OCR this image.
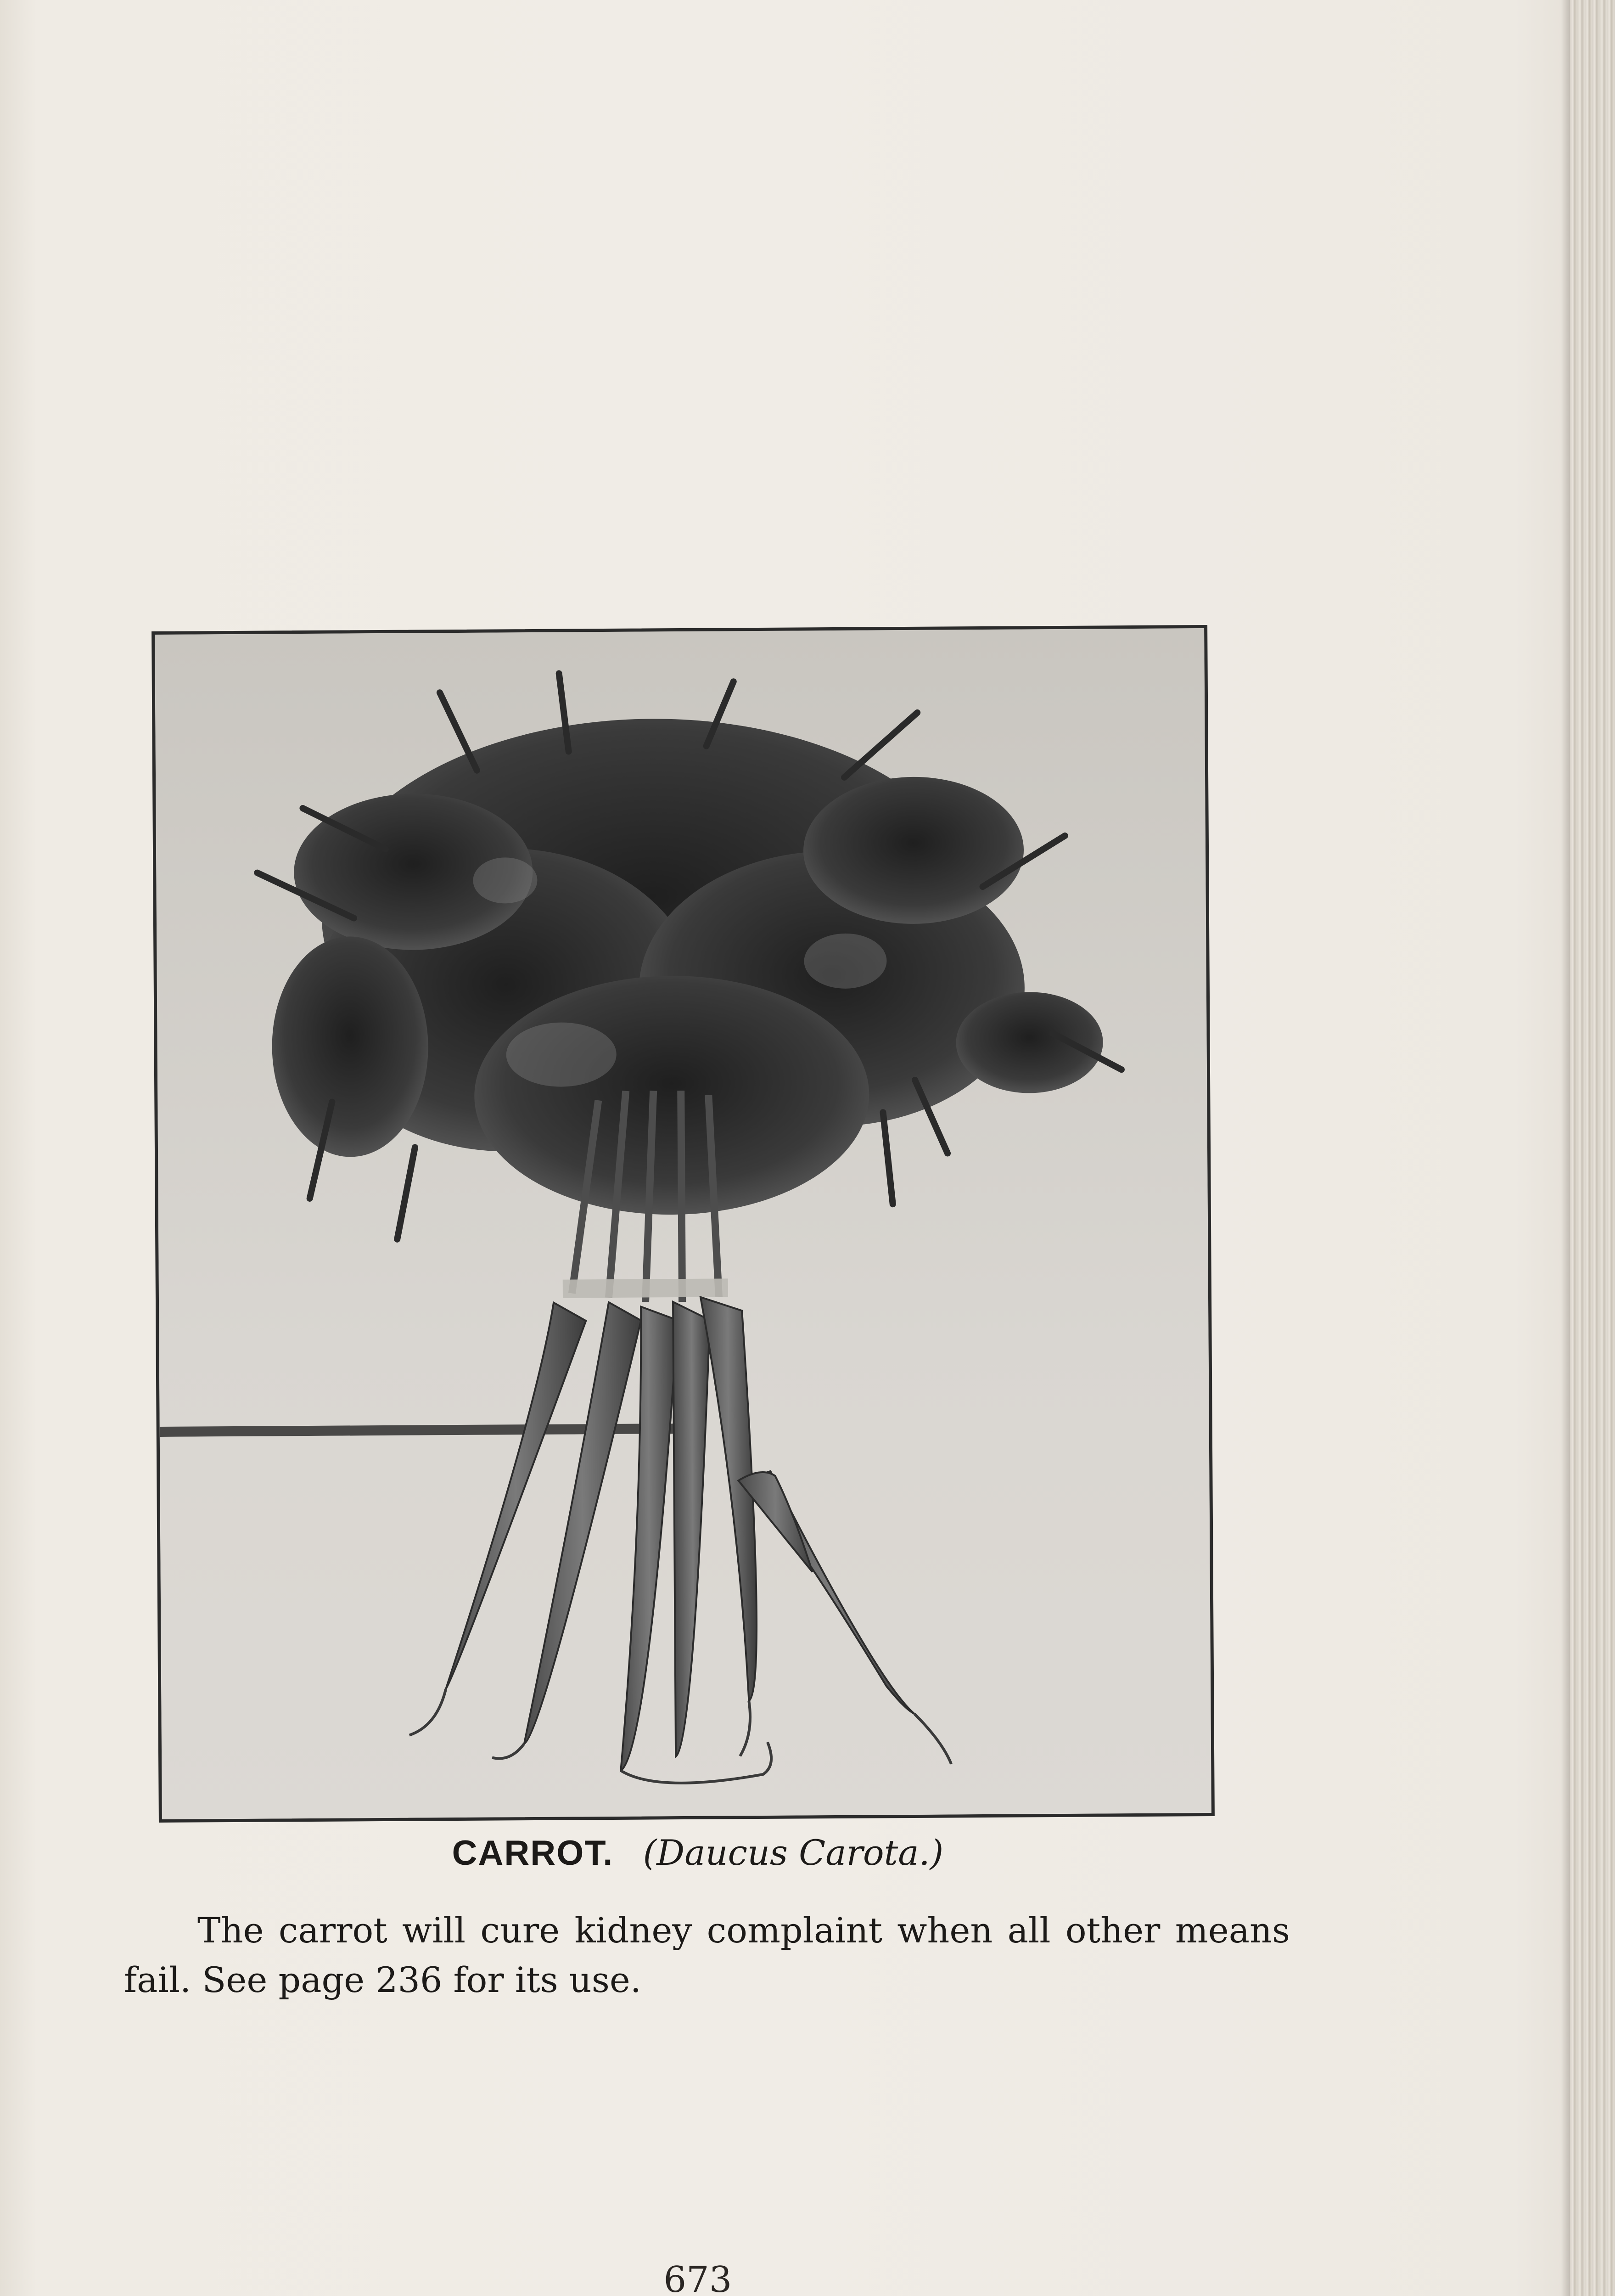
CARROT. (Daucus Carota.)
The carrot will cure kidney complaint when all other means
fail. See page 236 for its use.
673
